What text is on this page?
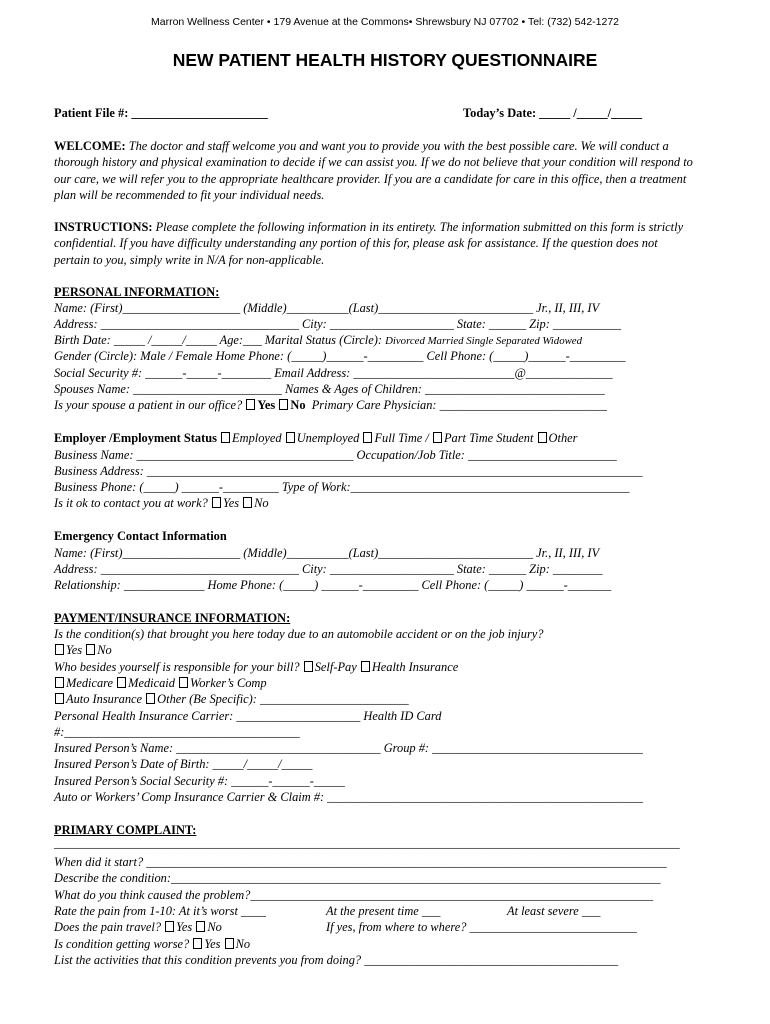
Marron Wellness Center • 179 Avenue at the Commons• Shrewsbury NJ 07702 • Tel: (732) 542-1272
NEW PATIENT HEALTH HISTORY QUESTIONNAIRE
Patient File #: ______________________	Today’s Date: _____ /_____/_____
WELCOME: The doctor and staff welcome you and want you to provide you with the best possible care. We will conduct a thorough history and physical examination to decide if we can assist you. If we do not believe that your condition will respond to our care, we will refer you to the appropriate healthcare provider. If you are a candidate for care in this office, then a treatment plan will be recommended to fit your individual needs.
INSTRUCTIONS: Please complete the following information in its entirety. The information submitted on this form is strictly confidential. If you have difficulty understanding any portion of this for, please ask for assistance. If the question does not pertain to you, simply write in N/A for non-applicable.
PERSONAL INFORMATION:
Name: (First)___________________ (Middle)__________(Last)_________________________ Jr., II, III, IV
Address: ________________________________ City: ____________________ State: ______ Zip: ___________
Birth Date: _____ /_____/_____ Age:___ Marital Status (Circle): Divorced Married Single Separated Widowed
Gender (Circle): Male / Female Home Phone: (_____)______-_________ Cell Phone: (_____)______-_________
Social Security #: ______-_____-________ Email Address: __________________________@______________
Spouses Name: ________________________ Names & Ages of Children: _____________________________
Is your spouse a patient in our office? Yes No Primary Care Physician: ___________________________
Employer /Employment Status Employed Unemployed Full Time / Part Time Student Other
Business Name: ___________________________________ Occupation/Job Title: ________________________
Business Address: ________________________________________________________________________________
Business Phone: (_____) ______-_________ Type of Work:_____________________________________________
Is it ok to contact you at work? Yes No
Emergency Contact Information
Name: (First)___________________ (Middle)__________(Last)_________________________ Jr., II, III, IV
Address: ________________________________ City: ____________________ State: ______ Zip: ________
Relationship: _____________ Home Phone: (_____) ______-_________ Cell Phone: (_____) ______-_______
PAYMENT/INSURANCE INFORMATION:
Is the condition(s) that brought you here today due to an automobile accident or on the job injury?
Yes No
Who besides yourself is responsible for your bill? Self-Pay Health Insurance
Medicare Medicaid Worker’s Comp
Auto Insurance Other (Be Specific): ________________________
Personal Health Insurance Carrier: ____________________ Health ID Card
#:______________________________________
Insured Person’s Name: _________________________________ Group #: __________________________________
Insured Person’s Date of Birth: _____/_____/_____
Insured Person’s Social Security #: ______-______-_____
Auto or Workers’ Comp Insurance Carrier & Claim #: ___________________________________________________
PRIMARY COMPLAINT:
_____________________________________________________________________________________________________
When did it start? ____________________________________________________________________________________
Describe the condition:_______________________________________________________________________________
What do you think caused the problem?_________________________________________________________________
Rate the pain from 1-10: At it’s worst ____	At the present time ___	At least severe ___
Does the pain travel? Yes No	If yes, from where to where? ___________________________
Is condition getting worse? Yes No
List the activities that this condition prevents you from doing? _________________________________________
